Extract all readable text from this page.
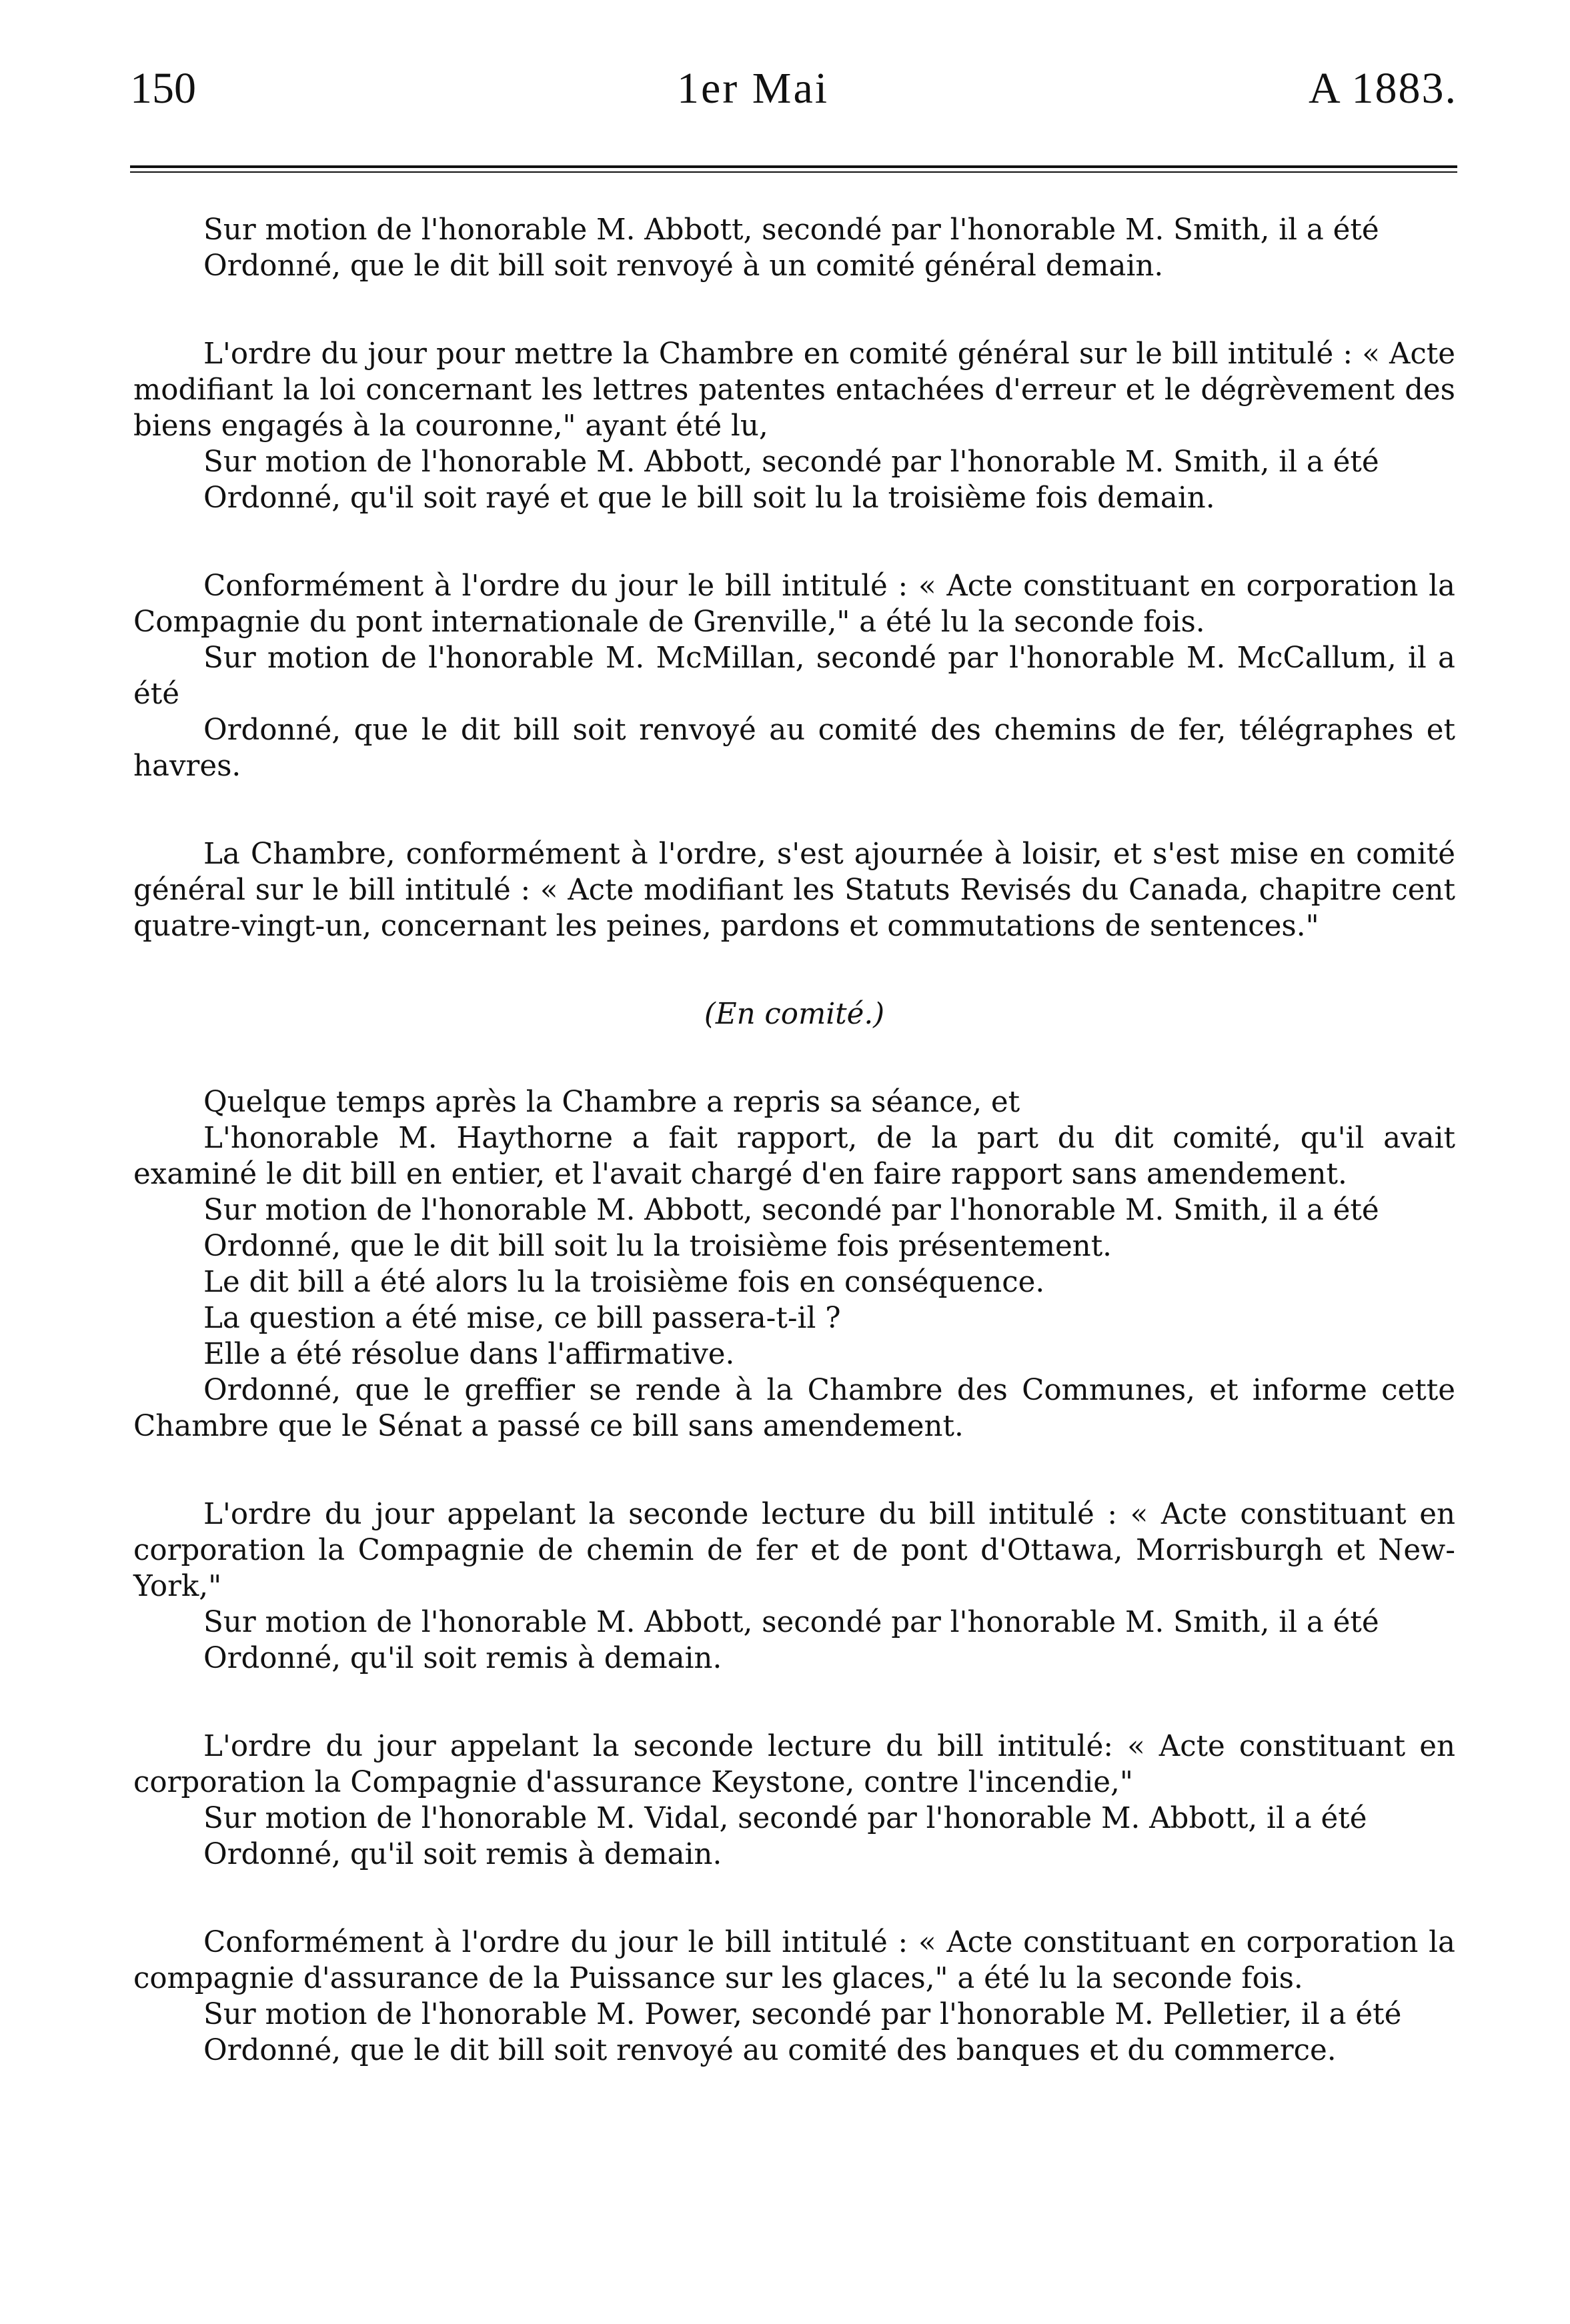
150	1er Mai	A 1883.

Sur motion de l'honorable M. Abbott, secondé par l'honorable M. Smith, il a été

Ordonné, que le dit bill soit renvoyé à un comité général demain.

L'ordre du jour pour mettre la Chambre en comité général sur le bill intitulé : « Acte modifiant la loi concernant les lettres patentes entachées d'erreur et le dégrèvement des biens engagés à la couronne," ayant été lu,

Sur motion de l'honorable M. Abbott, secondé par l'honorable M. Smith, il a été

Ordonné, qu'il soit rayé et que le bill soit lu la troisième fois demain.

Conformément à l'ordre du jour le bill intitulé : « Acte constituant en corporation la Compagnie du pont internationale de Grenville," a été lu la seconde fois.

Sur motion de l'honorable M. McMillan, secondé par l'honorable M. McCallum, il a été

Ordonné, que le dit bill soit renvoyé au comité des chemins de fer, télégraphes et havres.

La Chambre, conformément à l'ordre, s'est ajournée à loisir, et s'est mise en comité général sur le bill intitulé : « Acte modifiant les Statuts Revisés du Canada, chapitre cent quatre-vingt-un, concernant les peines, pardons et commutations de sentences."

(En comité.)

Quelque temps après la Chambre a repris sa séance, et

L'honorable M. Haythorne a fait rapport, de la part du dit comité, qu'il avait examiné le dit bill en entier, et l'avait chargé d'en faire rapport sans amendement.

Sur motion de l'honorable M. Abbott, secondé par l'honorable M. Smith, il a été

Ordonné, que le dit bill soit lu la troisième fois présentement.

Le dit bill a été alors lu la troisième fois en conséquence.

La question a été mise, ce bill passera-t-il ?

Elle a été résolue dans l'affirmative.

Ordonné, que le greffier se rende à la Chambre des Communes, et informe cette Chambre que le Sénat a passé ce bill sans amendement.

L'ordre du jour appelant la seconde lecture du bill intitulé : « Acte constituant en corporation la Compagnie de chemin de fer et de pont d'Ottawa, Morrisburgh et New-York,"

Sur motion de l'honorable M. Abbott, secondé par l'honorable M. Smith, il a été

Ordonné, qu'il soit remis à demain.

L'ordre du jour appelant la seconde lecture du bill intitulé: « Acte constituant en corporation la Compagnie d'assurance Keystone, contre l'incendie,"

Sur motion de l'honorable M. Vidal, secondé par l'honorable M. Abbott, il a été

Ordonné, qu'il soit remis à demain.

Conformément à l'ordre du jour le bill intitulé : « Acte constituant en corporation la compagnie d'assurance de la Puissance sur les glaces," a été lu la seconde fois.

Sur motion de l'honorable M. Power, secondé par l'honorable M. Pelletier, il a été

Ordonné, que le dit bill soit renvoyé au comité des banques et du commerce.
